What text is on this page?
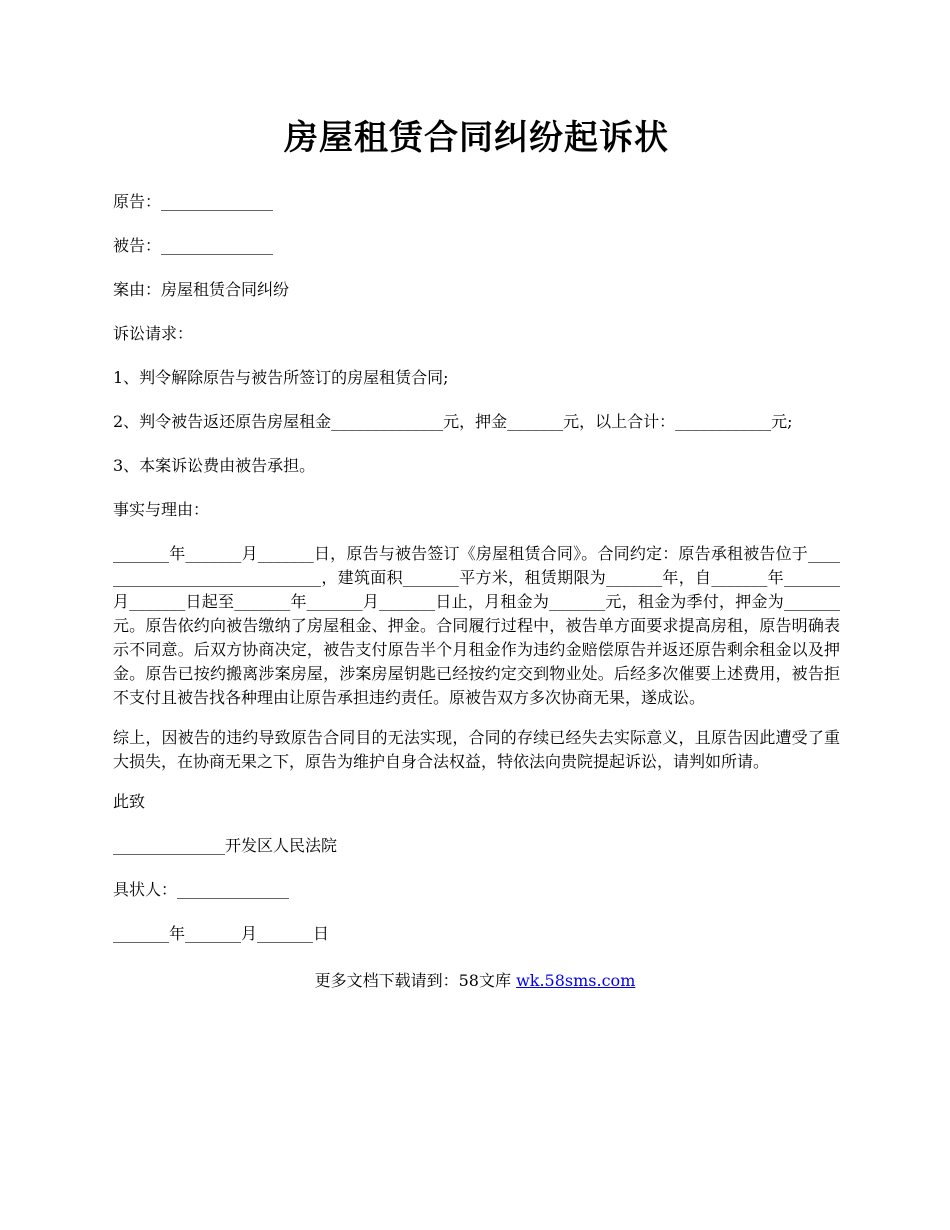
房屋租赁合同纠纷起诉状

原告：______________

被告：______________

案由：房屋租赁合同纠纷

诉讼请求：

1、判令解除原告与被告所签订的房屋租赁合同;

2、判令被告返还原告房屋租金______________元，押金_______元，以上合计：____________元;

3、本案诉讼费由被告承担。

事实与理由：

_______年_______月_______日，原告与被告签订《房屋租赁合同》。合同约定：原告承租被告位于______________________________，建筑面积_______平方米，租赁期限为_______年，自_______年_______月_______日起至_______年_______月_______日止，月租金为_______元，租金为季付，押金为_______元。原告依约向被告缴纳了房屋租金、押金。合同履行过程中，被告单方面要求提高房租，原告明确表示不同意。后双方协商决定，被告支付原告半个月租金作为违约金赔偿原告并返还原告剩余租金以及押金。原告已按约搬离涉案房屋，涉案房屋钥匙已经按约定交到物业处。后经多次催要上述费用，被告拒不支付且被告找各种理由让原告承担违约责任。原被告双方多次协商无果，遂成讼。

综上，因被告的违约导致原告合同目的无法实现，合同的存续已经失去实际意义，且原告因此遭受了重大损失，在协商无果之下，原告为维护自身合法权益，特依法向贵院提起诉讼，请判如所请。

此致

______________开发区人民法院

具状人：______________

_______年_______月_______日

更多文档下载请到：58文库 wk.58sms.com
